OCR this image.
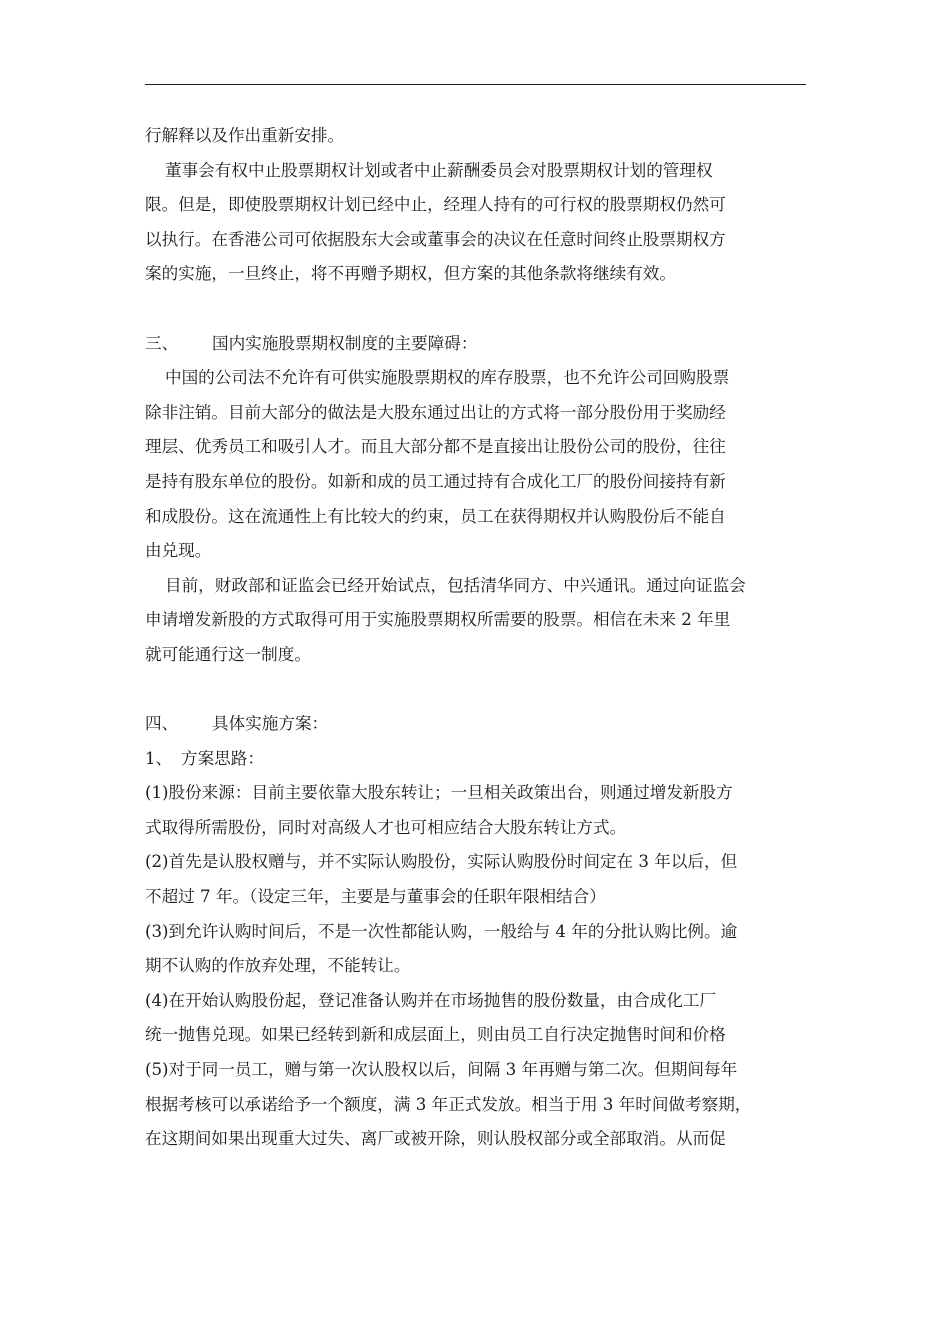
行解释以及作出重新安排。
董事会有权中止股票期权计划或者中止薪酬委员会对股票期权计划的管理权
限。但是，即使股票期权计划已经中止，经理人持有的可行权的股票期权仍然可
以执行。在香港公司可依据股东大会或董事会的决议在任意时间终止股票期权方
案的实施，一旦终止，将不再赠予期权，但方案的其他条款将继续有效。
三、 国内实施股票期权制度的主要障碍：
中国的公司法不允许有可供实施股票期权的库存股票，也不允许公司回购股票
除非注销。目前大部分的做法是大股东通过出让的方式将一部分股份用于奖励经
理层、优秀员工和吸引人才。而且大部分都不是直接出让股份公司的股份，往往
是持有股东单位的股份。如新和成的员工通过持有合成化工厂的股份间接持有新
和成股份。这在流通性上有比较大的约束，员工在获得期权并认购股份后不能自
由兑现。
目前，财政部和证监会已经开始试点，包括清华同方、中兴通讯。通过向证监会
申请增发新股的方式取得可用于实施股票期权所需要的股票。相信在未来 2 年里
就可能通行这一制度。
四、 具体实施方案：
1、 方案思路：
(1)股份来源：目前主要依靠大股东转让；一旦相关政策出台，则通过增发新股方
式取得所需股份，同时对高级人才也可相应结合大股东转让方式。
(2)首先是认股权赠与，并不实际认购股份，实际认购股份时间定在 3 年以后，但
不超过 7 年。（设定三年，主要是与董事会的任职年限相结合）
(3)到允许认购时间后，不是一次性都能认购，一般给与 4 年的分批认购比例。逾
期不认购的作放弃处理，不能转让。
(4)在开始认购股份起，登记准备认购并在市场抛售的股份数量，由合成化工厂
统一抛售兑现。如果已经转到新和成层面上，则由员工自行决定抛售时间和价格
(5)对于同一员工，赠与第一次认股权以后，间隔 3 年再赠与第二次。但期间每年
根据考核可以承诺给予一个额度，满 3 年正式发放。相当于用 3 年时间做考察期，
在这期间如果出现重大过失、离厂或被开除，则认股权部分或全部取消。从而促
